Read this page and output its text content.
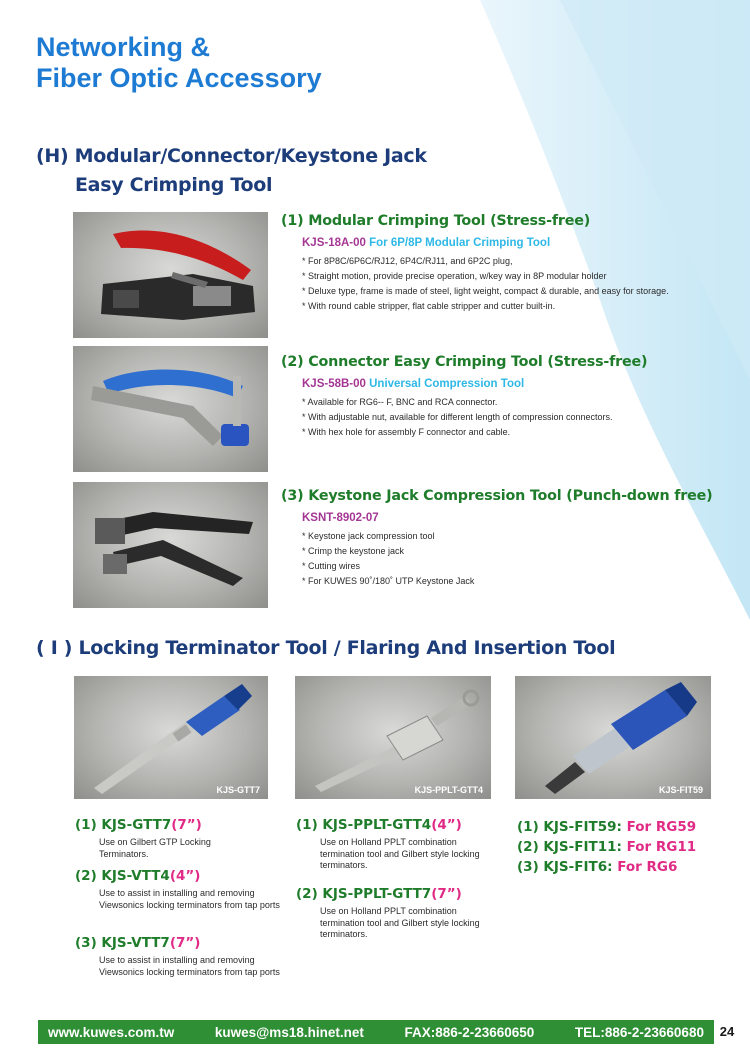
Networking &
Fiber Optic Accessory
(H) Modular/Connector/Keystone Jack
Easy Crimping Tool
(1) Modular Crimping Tool (Stress-free)

KJS-18A-00 For 6P/8P Modular Crimping Tool

* For 8P8C/6P6C/RJ12, 6P4C/RJ11, and 6P2C plug,
* Straight motion, provide precise operation, w/key way in 8P modular holder
* Deluxe type, frame is made of steel, light weight, compact & durable, and easy for storage.
* With round cable stripper, flat cable stripper and cutter built-in.
(2) Connector Easy Crimping Tool (Stress-free)

KJS-58B-00 Universal Compression Tool

* Available for RG6-- F, BNC and RCA connector.
* With adjustable nut, available for different length of compression connectors.
* With hex hole for assembly F connector and cable.
(3) Keystone Jack Compression Tool (Punch-down free)

KSNT-8902-07

* Keystone jack compression tool
* Crimp the keystone jack
* Cutting wires
* For KUWES 90˚/180˚ UTP Keystone Jack
( I ) Locking Terminator Tool / Flaring And Insertion Tool
KJS-GTT7	KJS-PPLT-GTT4	KJS-FIT59
(1) KJS-GTT7(7”)

Use on Gilbert GTP Locking Terminators.

(2) KJS-VTT4(4”)

Use to assist in installing and removing Viewsonics locking terminators from tap ports

(3) KJS-VTT7(7”)

Use to assist in installing and removing Viewsonics locking terminators from tap ports

(1) KJS-PPLT-GTT4(4”)

Use on Holland PPLT combination termination tool and Gilbert style locking terminators.

(2) KJS-PPLT-GTT7(7”)

Use on Holland PPLT combination termination tool and Gilbert style locking terminators.

(1) KJS-FIT59: For RG59
(2) KJS-FIT11: For RG11
(3) KJS-FIT6: For RG6
www.kuwes.com.tw	kuwes@ms18.hinet.net	FAX:886-2-23660650	TEL:886-2-23660680	24
